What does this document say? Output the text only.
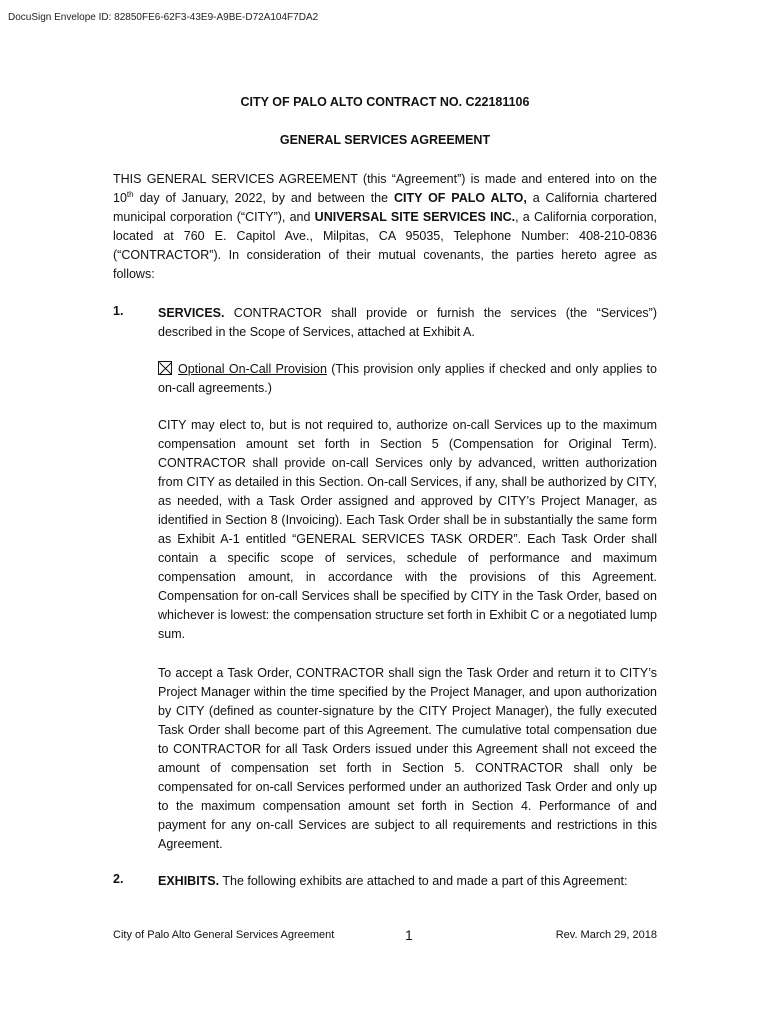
DocuSign Envelope ID: 82850FE6-62F3-43E9-A9BE-D72A104F7DA2
CITY OF PALO ALTO CONTRACT NO. C22181106
GENERAL SERVICES AGREEMENT

THIS GENERAL SERVICES AGREEMENT (this “Agreement”) is made and entered into on the 10th day of January, 2022, by and between the CITY OF PALO ALTO, a California chartered municipal corporation (“CITY”), and UNIVERSAL SITE SERVICES INC., a California corporation, located at 760 E. Capitol Ave., Milpitas, CA 95035, Telephone Number: 408-210-0836 (“CONTRACTOR”). In consideration of their mutual covenants, the parties hereto agree as follows:

1.	SERVICES. CONTRACTOR shall provide or furnish the services (the “Services”) described in the Scope of Services, attached at Exhibit A.

Optional On-Call Provision (This provision only applies if checked and only applies to on-call agreements.)

CITY may elect to, but is not required to, authorize on-call Services up to the maximum compensation amount set forth in Section 5 (Compensation for Original Term). CONTRACTOR shall provide on-call Services only by advanced, written authorization from CITY as detailed in this Section. On-call Services, if any, shall be authorized by CITY, as needed, with a Task Order assigned and approved by CITY’s Project Manager, as identified in Section 8 (Invoicing). Each Task Order shall be in substantially the same form as Exhibit A-1 entitled “GENERAL SERVICES TASK ORDER”. Each Task Order shall contain a specific scope of services, schedule of performance and maximum compensation amount, in accordance with the provisions of this Agreement. Compensation for on-call Services shall be specified by CITY in the Task Order, based on whichever is lowest: the compensation structure set forth in Exhibit C or a negotiated lump sum.

To accept a Task Order, CONTRACTOR shall sign the Task Order and return it to CITY’s Project Manager within the time specified by the Project Manager, and upon authorization by CITY (defined as counter-signature by the CITY Project Manager), the fully executed Task Order shall become part of this Agreement. The cumulative total compensation due to CONTRACTOR for all Task Orders issued under this Agreement shall not exceed the amount of compensation set forth in Section 5. CONTRACTOR shall only be compensated for on-call Services performed under an authorized Task Order and only up to the maximum compensation amount set forth in Section 4. Performance of and payment for any on-call Services are subject to all requirements and restrictions in this Agreement.

2.	EXHIBITS. The following exhibits are attached to and made a part of this Agreement:

City of Palo Alto General Services Agreement	1	Rev. March 29, 2018
